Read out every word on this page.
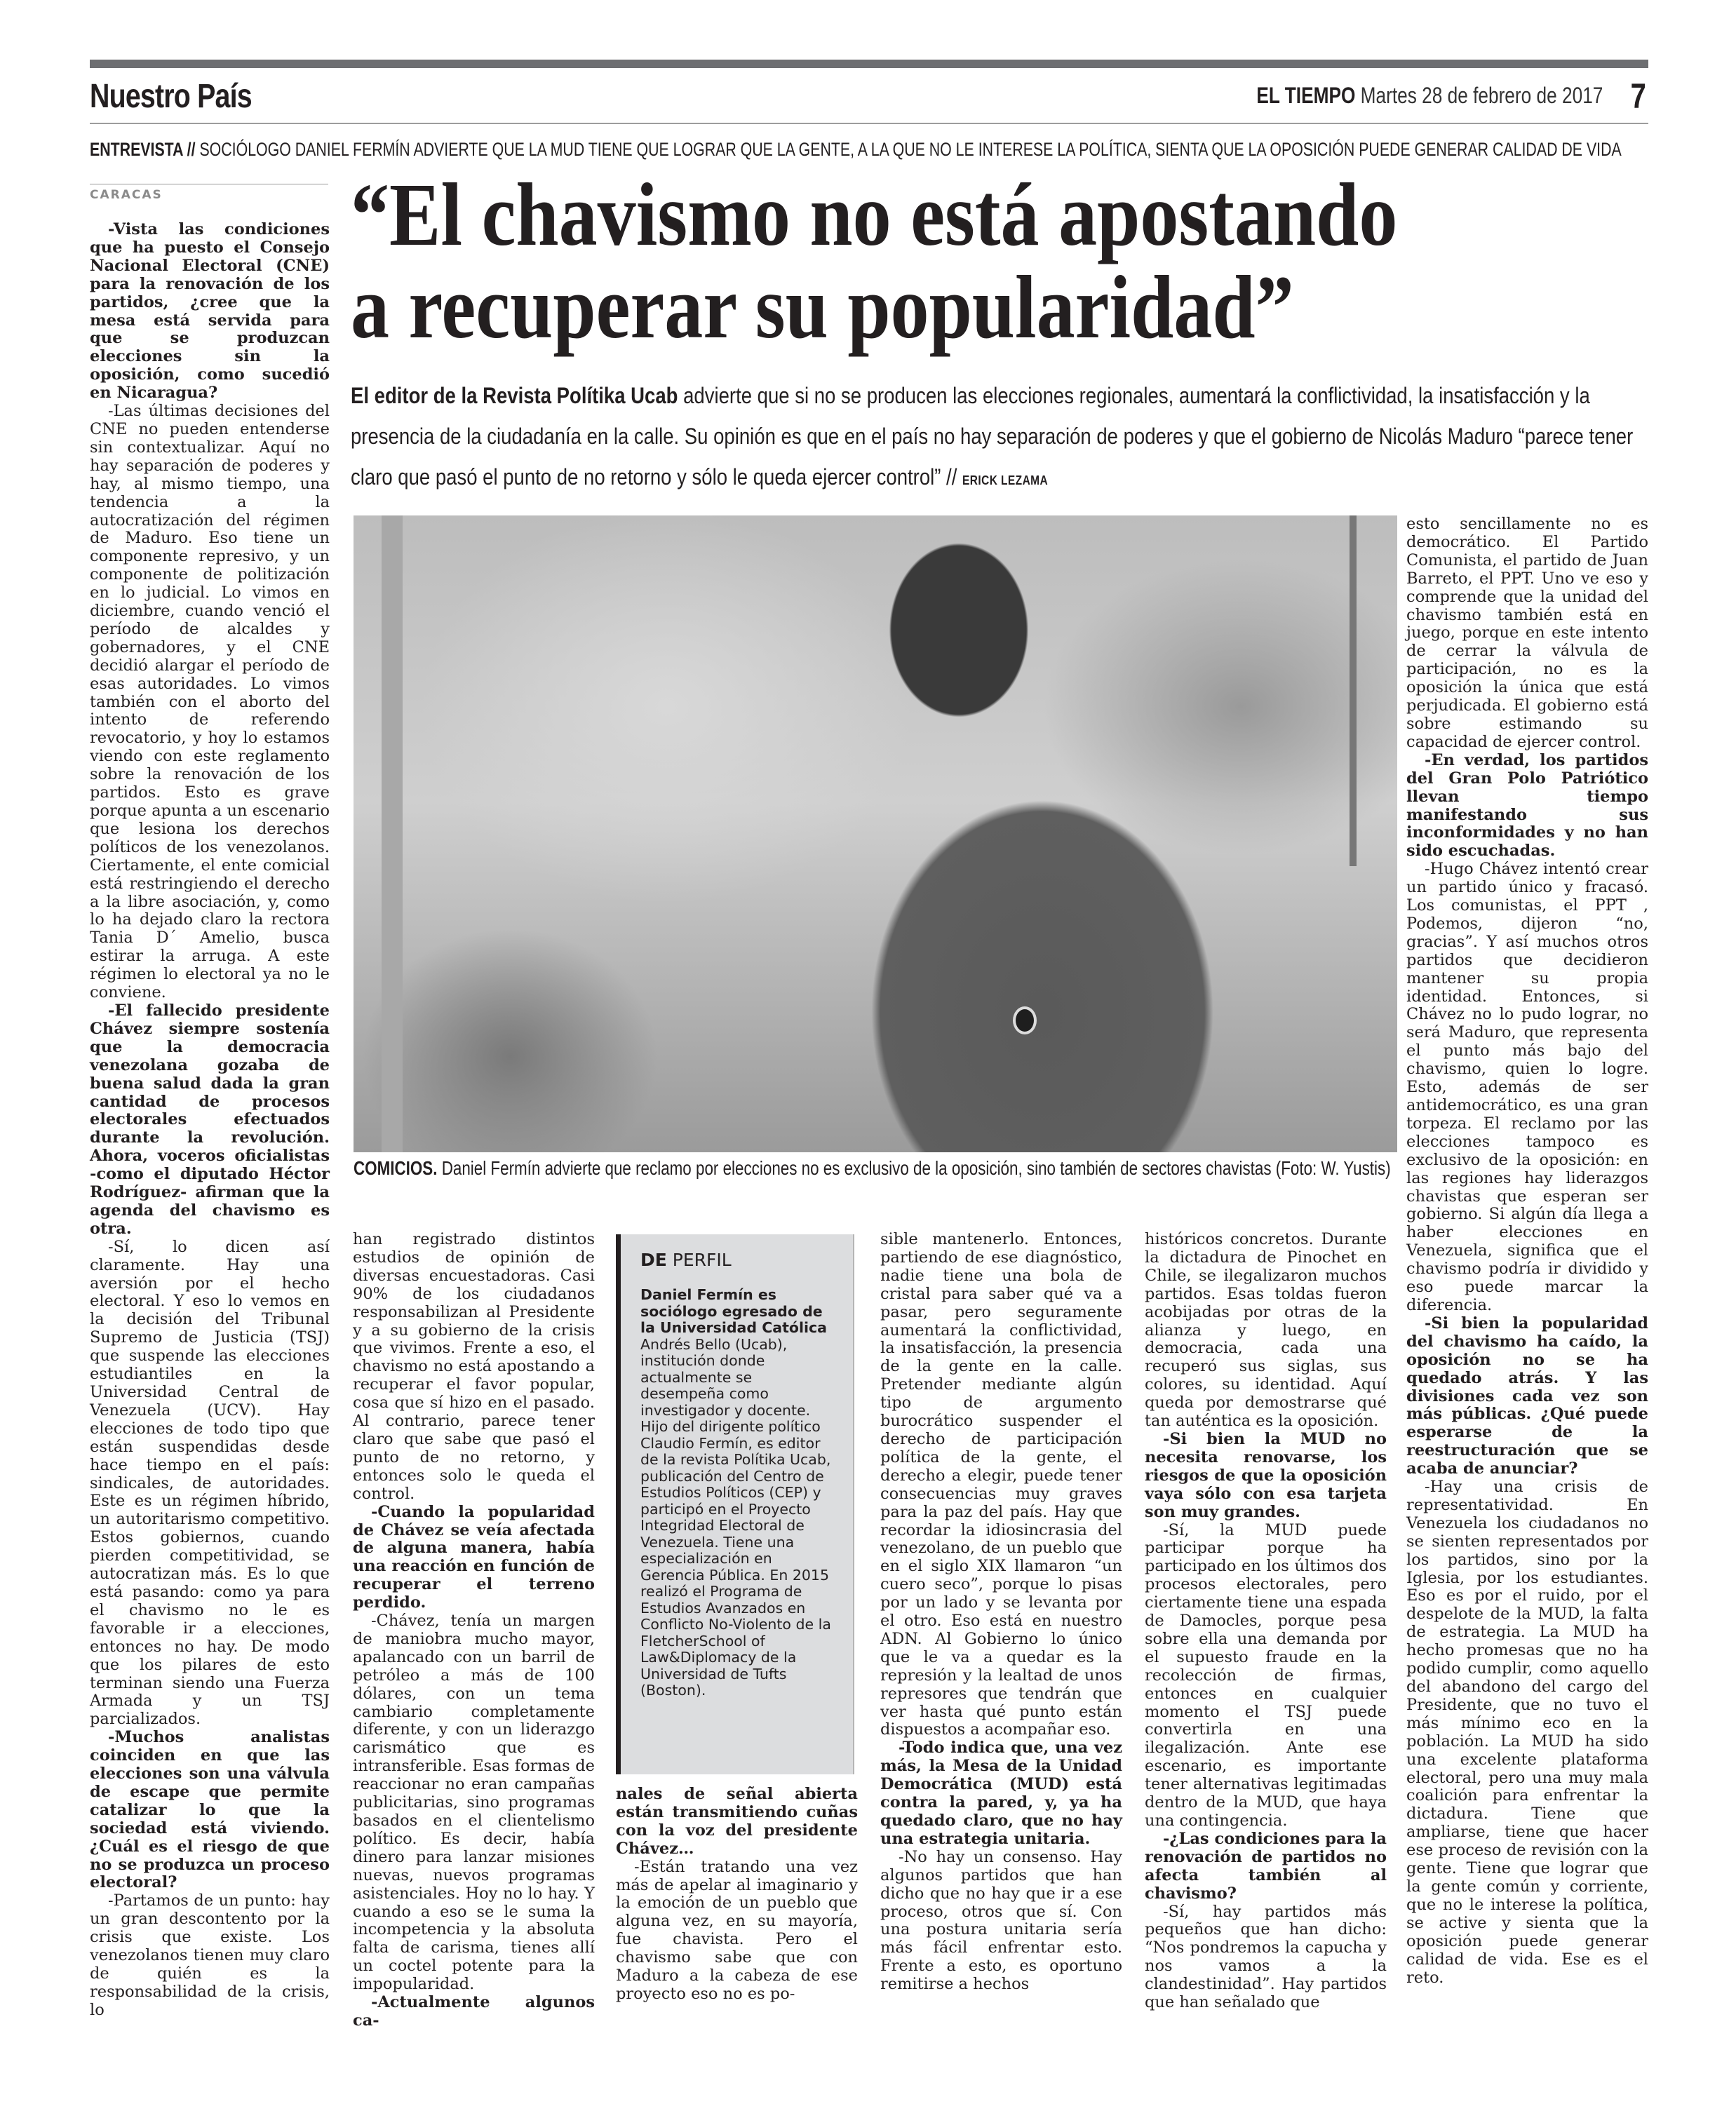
Nuestro País	EL TIEMPO Martes 28 de febrero de 2017 7
ENTREVISTA // SOCIÓLOGO DANIEL FERMÍN ADVIERTE QUE LA MUD TIENE QUE LOGRAR QUE LA GENTE, A LA QUE NO LE INTERESE LA POLÍTICA, SIENTA QUE LA OPOSICIÓN PUEDE GENERAR CALIDAD DE VIDA
CARACAS “El chavismo no está apostando
a recuperar su popularidad”
El editor de la Revista Polítika Ucab advierte que si no se producen las elecciones regionales, aumentará la conflictividad, la insatisfacción y la presencia de la ciudadanía en la calle. Su opinión es que en el país no hay separación de poderes y que el gobierno de Nicolás Maduro “parece tener claro que pasó el punto de no retorno y sólo le queda ejercer control” // ERICK LEZAMA
COMICIOS. Daniel Fermín advierte que reclamo por elecciones no es exclusivo de la oposición, sino también de sectores chavistas (Foto: W. Yustis)

-Vista las condiciones que ha puesto el Consejo Nacional Electoral (CNE) para la renovación de los partidos, ¿cree que la mesa está servida para que se produzcan elecciones sin la oposición, como sucedió en Nicaragua?

-Las últimas decisiones del CNE no pueden entenderse sin contextualizar. Aquí no hay separación de poderes y hay, al mismo tiempo, una tendencia a la autocratización del régimen de Maduro. Eso tiene un componente represivo, y un componente de politización en lo judicial. Lo vimos en diciembre, cuando venció el período de alcaldes y gobernadores, y el CNE decidió alargar el período de esas autoridades. Lo vimos también con el aborto del intento de referendo revocatorio, y hoy lo estamos viendo con este reglamento sobre la renovación de los partidos. Esto es grave porque apunta a un escenario que lesiona los derechos políticos de los venezolanos. Ciertamente, el ente comicial está restringiendo el derecho a la libre asociación, y, como lo ha dejado claro la rectora Tania D´ Amelio, busca estirar la arruga. A este régimen lo electoral ya no le conviene.

-El fallecido presidente Chávez siempre sostenía que la democracia venezolana gozaba de buena salud dada la gran cantidad de procesos electorales efectuados durante la revolución. Ahora, voceros oficialistas -como el diputado Héctor Rodríguez- afirman que la agenda del chavismo es otra.

-Sí, lo dicen así claramente. Hay una aversión por el hecho electoral. Y eso lo vemos en la decisión del Tribunal Supremo de Justicia (TSJ) que suspende las elecciones estudiantiles en la Universidad Central de Venezuela (UCV). Hay elecciones de todo tipo que están suspendidas desde hace tiempo en el país: sindicales, de autoridades. Este es un régimen híbrido, un autoritarismo competitivo. Estos gobiernos, cuando pierden competitividad, se autocratizan más. Es lo que está pasando: como ya para el chavismo no le es favorable ir a elecciones, entonces no hay. De modo que los pilares de esto terminan siendo una Fuerza Armada y un TSJ parcializados.

-Muchos analistas coinciden en que las elecciones son una válvula de escape que permite catalizar lo que la sociedad está viviendo. ¿Cuál es el riesgo de que no se produzca un proceso electoral?

-Partamos de un punto: hay un gran descontento por la crisis que existe. Los venezolanos tienen muy claro de quién es la responsabilidad de la crisis, lo

esto sencillamente no es democrático. El Partido Comunista, el partido de Juan Barreto, el PPT. Uno ve eso y comprende que la unidad del chavismo también está en juego, porque en este intento de cerrar la válvula de participación, no es la oposición la única que está perjudicada. El gobierno está sobre estimando su capacidad de ejercer control.

-En verdad, los partidos del Gran Polo Patriótico llevan tiempo manifestando sus inconformidades y no han sido escuchadas.

-Hugo Chávez intentó crear un partido único y fracasó. Los comunistas, el PPT , Podemos, dijeron “no, gracias”. Y así muchos otros partidos que decidieron mantener su propia identidad. Entonces, si Chávez no lo pudo lograr, no será Maduro, que representa el punto más bajo del chavismo, quien lo logre. Esto, además de ser antidemocrático, es una gran torpeza. El reclamo por las elecciones tampoco es exclusivo de la oposición: en las regiones hay liderazgos chavistas que esperan ser gobierno. Si algún día llega a haber elecciones en Venezuela, significa que el chavismo podría ir dividido y eso puede marcar la diferencia.

-Si bien la popularidad del chavismo ha caído, la oposición no se ha quedado atrás. Y las divisiones cada vez son más públicas. ¿Qué puede esperarse de la reestructuración que se acaba de anunciar?

-Hay una crisis de representatividad. En Venezuela los ciudadanos no se sienten representados por los partidos, sino por la Iglesia, por los estudiantes. Eso es por el ruido, por el despelote de la MUD, la falta de estrategia. La MUD ha hecho promesas que no ha podido cumplir, como aquello del abandono del cargo del Presidente, que no tuvo el más mínimo eco en la población. La MUD ha sido una excelente plataforma electoral, pero una muy mala coalición para enfrentar la dictadura. Tiene que ampliarse, tiene que hacer ese proceso de revisión con la gente. Tiene que lograr que la gente común y corriente, que no le interese la política, se active y sienta que la oposición puede generar calidad de vida. Ese es el reto.

han registrado distintos estudios de opinión de diversas encuestadoras. Casi 90% de los ciudadanos responsabilizan al Presidente y a su gobierno de la crisis que vivimos. Frente a eso, el chavismo no está apostando a recuperar el favor popular, cosa que sí hizo en el pasado. Al contrario, parece tener claro que sabe que pasó el punto de no retorno, y entonces solo le queda el control.

-Cuando la popularidad de Chávez se veía afectada de alguna manera, había una reacción en función de recuperar el terreno perdido.

-Chávez, tenía un margen de maniobra mucho mayor, apalancado con un barril de petróleo a más de 100 dólares, con un tema cambiario completamente diferente, y con un liderazgo carismático que es intransferible. Esas formas de reaccionar no eran campañas publicitarias, sino programas basados en el clientelismo político. Es decir, había dinero para lanzar misiones nuevas, nuevos programas asistenciales. Hoy no lo hay. Y cuando a eso se le suma la incompetencia y la absoluta falta de carisma, tienes allí un coctel potente para la impopularidad.

-Actualmente algunos ca-

DE PERFIL
Daniel Fermín es sociólogo egresado de la Universidad Católica Andrés Bello (Ucab), institución donde actualmente se desempeña como investigador y docente. Hijo del dirigente político Claudio Fermín, es editor de la revista Polítika Ucab, publicación del Centro de Estudios Políticos (CEP) y participó en el Proyecto Integridad Electoral de Venezuela. Tiene una especialización en Gerencia Pública. En 2015 realizó el Programa de Estudios Avanzados en Conflicto No-Violento de la FletcherSchool of Law&Diplomacy de la Universidad de Tufts (Boston).

nales de señal abierta están transmitiendo cuñas con la voz del presidente Chávez…

-Están tratando una vez más de apelar al imaginario y la emoción de un pueblo que alguna vez, en su mayoría, fue chavista. Pero el chavismo sabe que con Maduro a la cabeza de ese proyecto eso no es po-

sible mantenerlo. Entonces, partiendo de ese diagnóstico, nadie tiene una bola de cristal para saber qué va a pasar, pero seguramente aumentará la conflictividad, la insatisfacción, la presencia de la gente en la calle. Pretender mediante algún tipo de argumento burocrático suspender el derecho de participación política de la gente, el derecho a elegir, puede tener consecuencias muy graves para la paz del país. Hay que recordar la idiosincrasia del venezolano, de un pueblo que en el siglo XIX llamaron “un cuero seco”, porque lo pisas por un lado y se levanta por el otro. Eso está en nuestro ADN. Al Gobierno lo único que le va a quedar es la represión y la lealtad de unos represores que tendrán que ver hasta qué punto están dispuestos a acompañar eso.

-Todo indica que, una vez más, la Mesa de la Unidad Democrática (MUD) está contra la pared, y, ya ha quedado claro, que no hay una estrategia unitaria.

-No hay un consenso. Hay algunos partidos que han dicho que no hay que ir a ese proceso, otros que sí. Con una postura unitaria sería más fácil enfrentar esto. Frente a esto, es oportuno remitirse a hechos

históricos concretos. Durante la dictadura de Pinochet en Chile, se ilegalizaron muchos partidos. Esas toldas fueron acobijadas por otras de la alianza y luego, en democracia, cada una recuperó sus siglas, sus colores, su identidad. Aquí queda por demostrarse qué tan auténtica es la oposición.

-Si bien la MUD no necesita renovarse, los riesgos de que la oposición vaya sólo con esa tarjeta son muy grandes.

-Sí, la MUD puede participar porque ha participado en los últimos dos procesos electorales, pero ciertamente tiene una espada de Damocles, porque pesa sobre ella una demanda por el supuesto fraude en la recolección de firmas, entonces en cualquier momento el TSJ puede convertirla en una ilegalización. Ante ese escenario, es importante tener alternativas legitimadas dentro de la MUD, que haya una contingencia.

-¿Las condiciones para la renovación de partidos no afecta también al chavismo?

-Sí, hay partidos más pequeños que han dicho: “Nos pondremos la capucha y nos vamos a la clandestinidad”. Hay partidos que han señalado que
